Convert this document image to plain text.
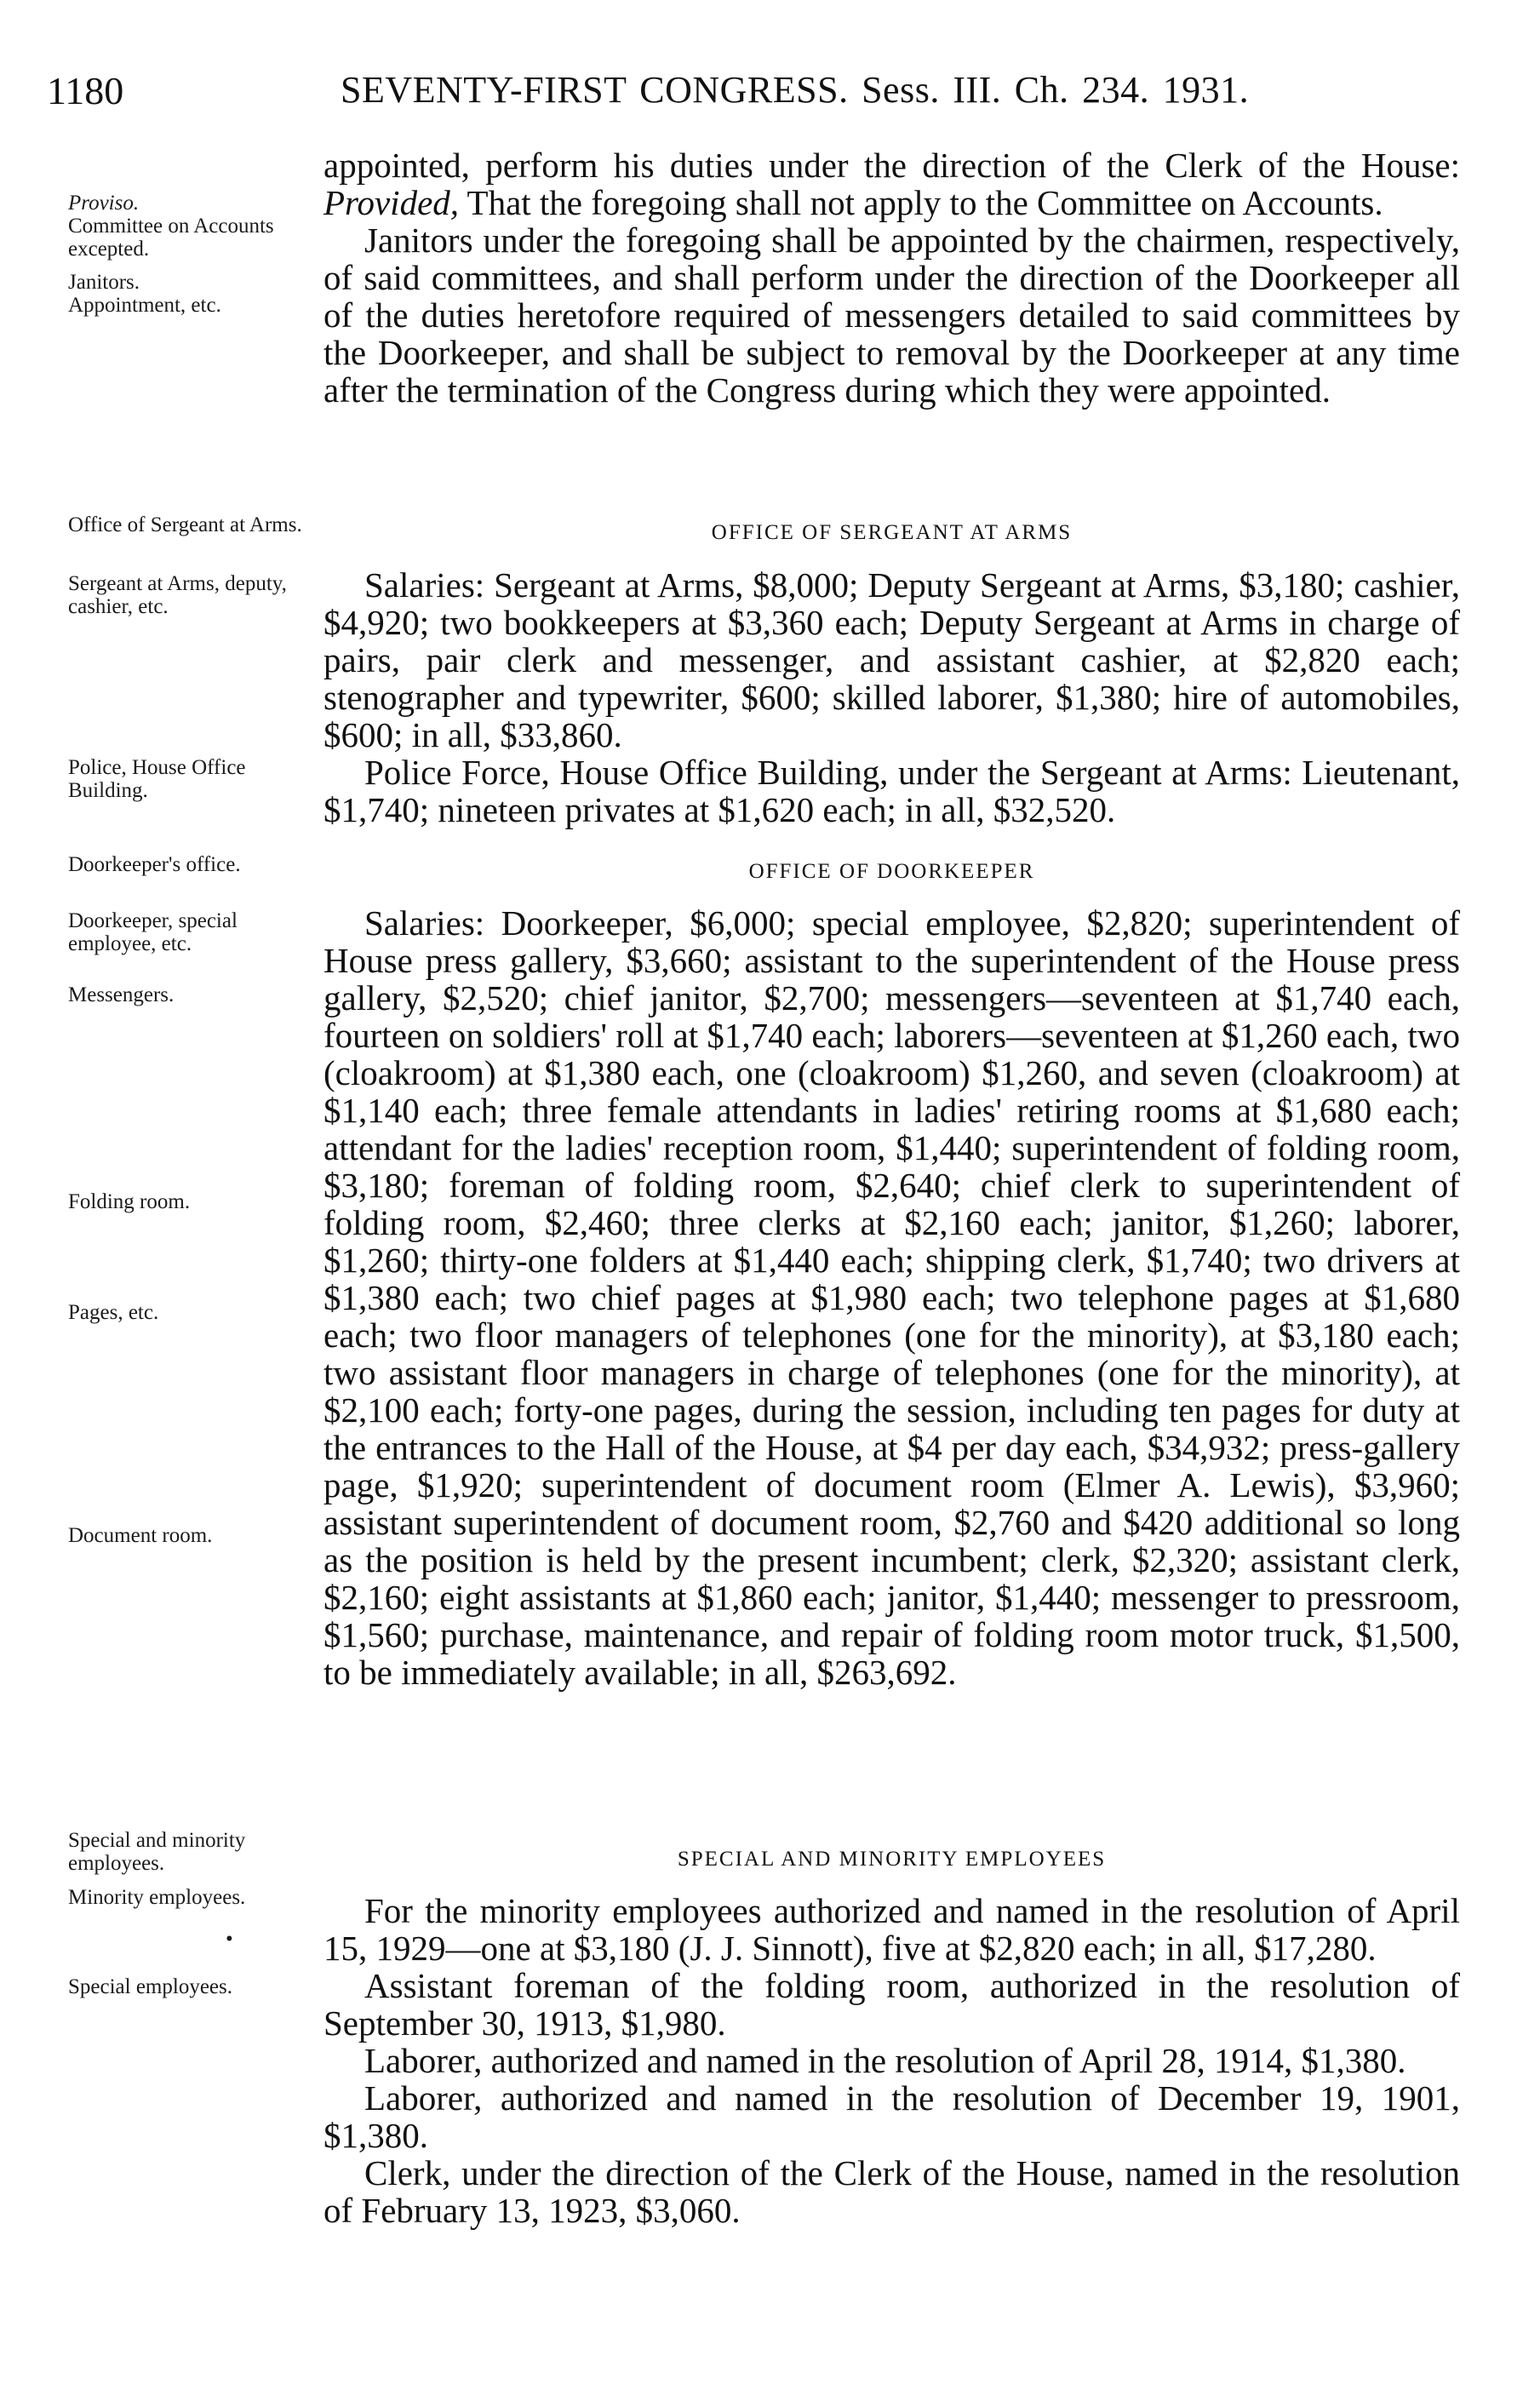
1180	SEVENTY-FIRST CONGRESS. Sess. III. Ch. 234. 1931.
Proviso.
Committee on Accounts excepted.
Janitors.
Appointment, etc.
Office of Sergeant at Arms.
Sergeant at Arms, deputy, cashier, etc.
Police, House Office Building.
Doorkeeper's office.
Doorkeeper, special employee, etc.
Messengers.
Folding room.
Pages, etc.
Document room.
Special and minority employees.
Minority employees.
•
Special employees.

appointed, perform his duties under the direction of the Clerk of the House: Provided, That the foregoing shall not apply to the Committee on Accounts.

Janitors under the foregoing shall be appointed by the chairmen, respectively, of said committees, and shall perform under the direction of the Doorkeeper all of the duties heretofore required of messengers detailed to said committees by the Doorkeeper, and shall be subject to removal by the Doorkeeper at any time after the termination of the Congress during which they were appointed.

OFFICE OF SERGEANT AT ARMS

Salaries: Sergeant at Arms, $8,000; Deputy Sergeant at Arms, $3,180; cashier, $4,920; two bookkeepers at $3,360 each; Deputy Sergeant at Arms in charge of pairs, pair clerk and messenger, and assistant cashier, at $2,820 each; stenographer and typewriter, $600; skilled laborer, $1,380; hire of automobiles, $600; in all, $33,860.

Police Force, House Office Building, under the Sergeant at Arms: Lieutenant, $1,740; nineteen privates at $1,620 each; in all, $32,520.

OFFICE OF DOORKEEPER

Salaries: Doorkeeper, $6,000; special employee, $2,820; superintendent of House press gallery, $3,660; assistant to the superintendent of the House press gallery, $2,520; chief janitor, $2,700; messengers—seventeen at $1,740 each, fourteen on soldiers' roll at $1,740 each; laborers—seventeen at $1,260 each, two (cloakroom) at $1,380 each, one (cloakroom) $1,260, and seven (cloakroom) at $1,140 each; three female attendants in ladies' retiring rooms at $1,680 each; attendant for the ladies' reception room, $1,440; superintendent of folding room, $3,180; foreman of folding room, $2,640; chief clerk to superintendent of folding room, $2,460; three clerks at $2,160 each; janitor, $1,260; laborer, $1,260; thirty-one folders at $1,440 each; shipping clerk, $1,740; two drivers at $1,380 each; two chief pages at $1,980 each; two telephone pages at $1,680 each; two floor managers of telephones (one for the minority), at $3,180 each; two assistant floor managers in charge of telephones (one for the minority), at $2,100 each; forty-one pages, during the session, including ten pages for duty at the entrances to the Hall of the House, at $4 per day each, $34,932; press-gallery page, $1,920; superintendent of document room (Elmer A. Lewis), $3,960; assistant superintendent of document room, $2,760 and $420 additional so long as the position is held by the present incumbent; clerk, $2,320; assistant clerk, $2,160; eight assistants at $1,860 each; janitor, $1,440; messenger to pressroom, $1,560; purchase, maintenance, and repair of folding room motor truck, $1,500, to be immediately available; in all, $263,692.

SPECIAL AND MINORITY EMPLOYEES

For the minority employees authorized and named in the resolution of April 15, 1929—one at $3,180 (J. J. Sinnott), five at $2,820 each; in all, $17,280.

Assistant foreman of the folding room, authorized in the resolution of September 30, 1913, $1,980.

Laborer, authorized and named in the resolution of April 28, 1914, $1,380.

Laborer, authorized and named in the resolution of December 19, 1901, $1,380.

Clerk, under the direction of the Clerk of the House, named in the resolution of February 13, 1923, $3,060.
